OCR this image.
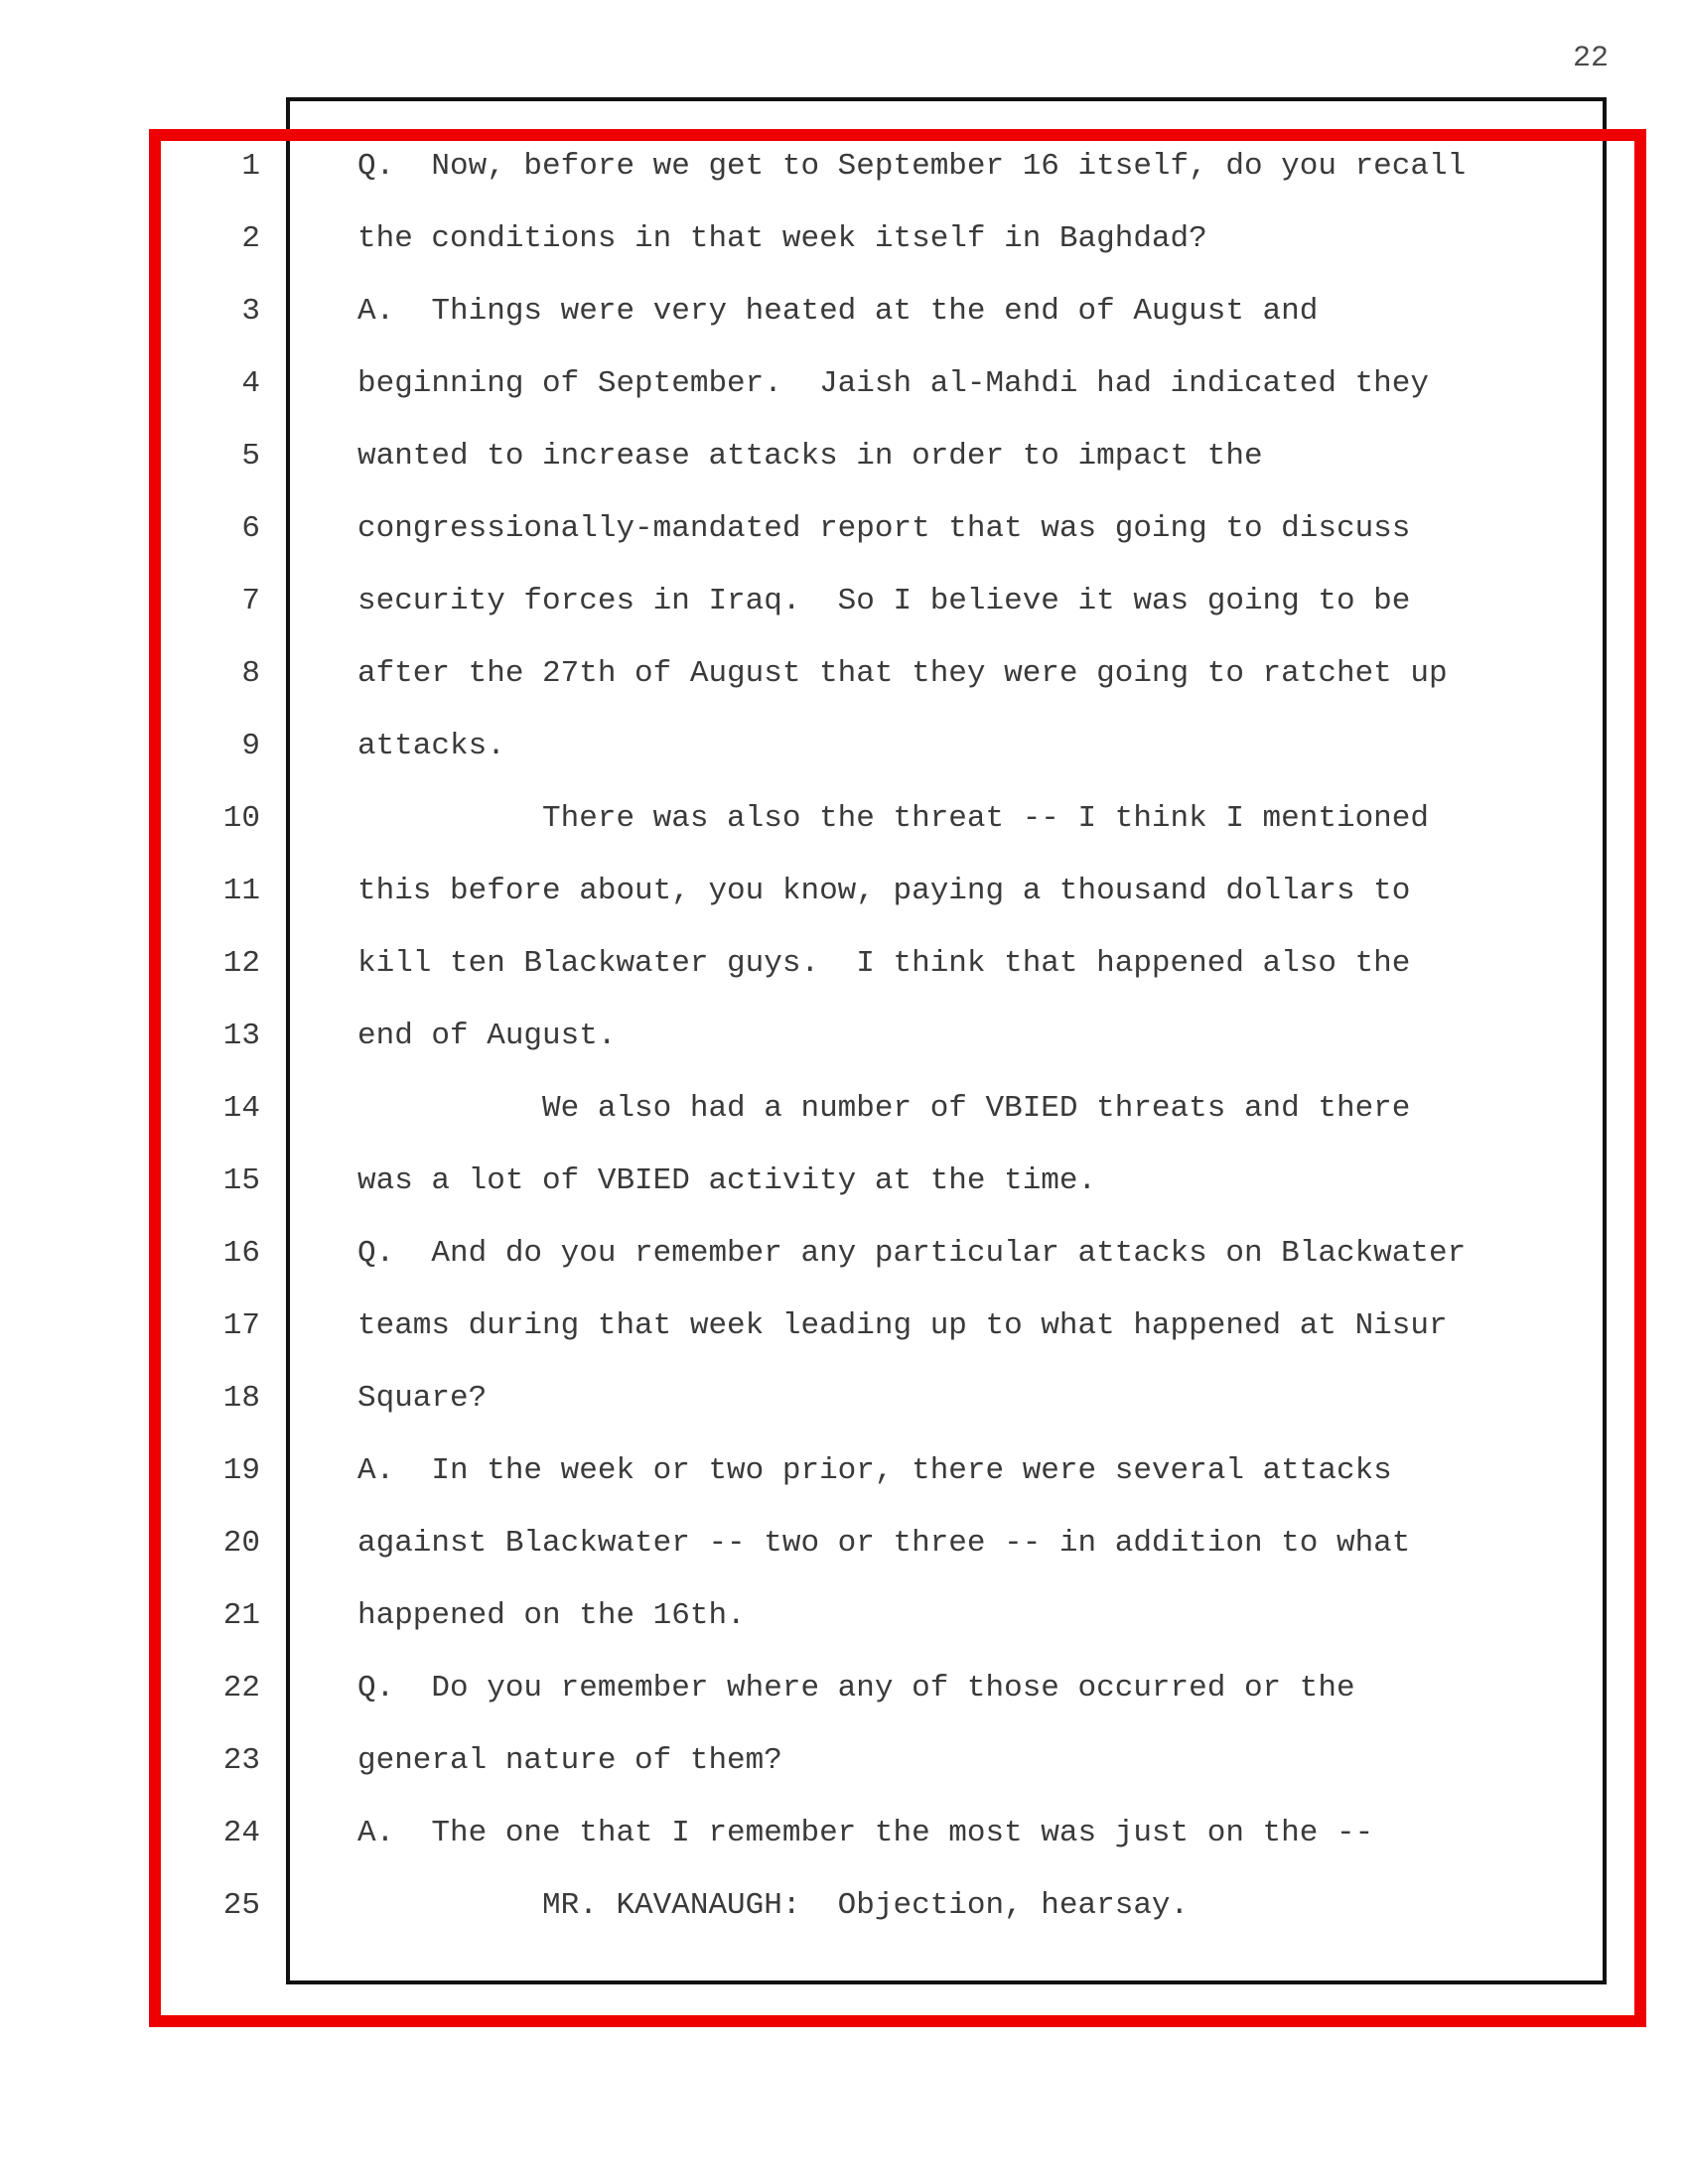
22
1	Q.  Now, before we get to September 16 itself, do you recall
2	the conditions in that week itself in Baghdad?
3	A.  Things were very heated at the end of August and
4	beginning of September.  Jaish al-Mahdi had indicated they
5	wanted to increase attacks in order to impact the
6	congressionally-mandated report that was going to discuss
7	security forces in Iraq.  So I believe it was going to be
8	after the 27th of August that they were going to ratchet up
9	attacks.
10	There was also the threat -- I think I mentioned
11	this before about, you know, paying a thousand dollars to
12	kill ten Blackwater guys.  I think that happened also the
13	end of August.
14	We also had a number of VBIED threats and there
15	was a lot of VBIED activity at the time.
16	Q.  And do you remember any particular attacks on Blackwater
17	teams during that week leading up to what happened at Nisur
18	Square?
19	A.  In the week or two prior, there were several attacks
20	against Blackwater -- two or three -- in addition to what
21	happened on the 16th.
22	Q.  Do you remember where any of those occurred or the
23	general nature of them?
24	A.  The one that I remember the most was just on the --
25	MR. KAVANAUGH:  Objection, hearsay.
